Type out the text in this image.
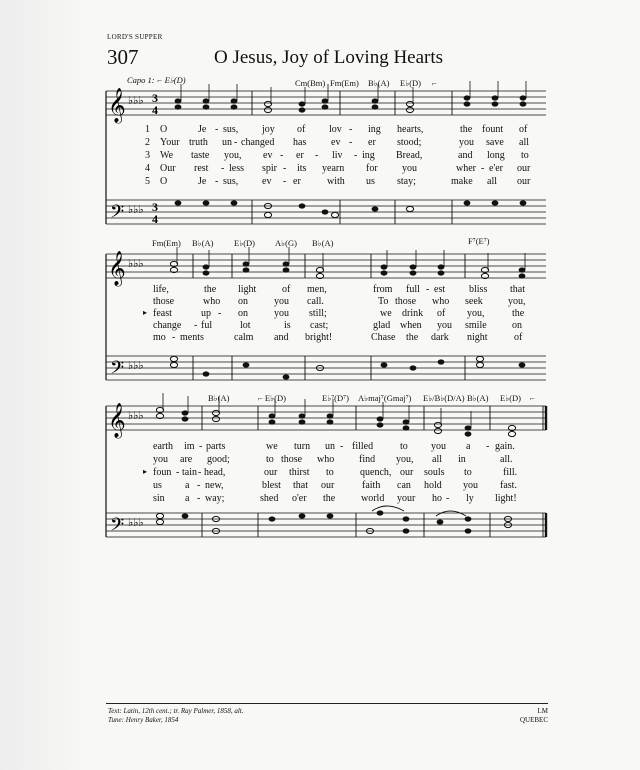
LORD'S SUPPER
307	O Jesus, Joy of Loving Hearts
𝄞
𝄢
♭♭♭
♭♭♭
3
4
3
4
𝄞
𝄢
♭♭♭
♭♭♭
𝄞
𝄢
♭♭♭
♭♭♭
Capo 1: ⌐ E♭(D)	Cm(Bm) Fm(Em) B♭(A) E♭(D) ⌐
1
2
3
4
5
O	Je - sus, joy of lov - ing hearts,	the fount of
Your truth un - changed has ev - er stood;	you save all
We taste you, ev - er - liv - ing Bread,	and long to
Our rest - less spir - its yearn for you	wher - e'er our
O	Je - sus, ev - er	with us stay;	make all our
Fm(Em) B♭(A) E♭(D) A♭(G) B♭(A)	F⁷(E⁷)
life,	the light	of men,	from full - est bliss that
those	who on	you call.	To those who seek	you,
▸ feast	up - on	you still;	we drink of you,	the
change - ful	lot	is cast;	glad when you smile	on
mo - ments	calm and bright!	Chase the dark night	of
B♭(A)	⌐ E♭(D)	E♭⁷(D⁷) A♭maj⁷(Gmaj⁷) E♭/B♭(D/A) B♭(A) E♭(D) ⌐
earth im - parts	we turn un - filled	to you a - gain.
you are good;	to those who find you, all in	all.
▸ foun - tain - head,	our thirst to	quench, our souls to	fill.
us a - new,	blest that our	faith can hold you fast.
sin a - way;	shed o'er the	world your ho - ly light!
Text: Latin, 12th cent.; tr. Ray Palmer, 1858, alt.
Tune: Henry Baker, 1854
LM
QUEBEC
